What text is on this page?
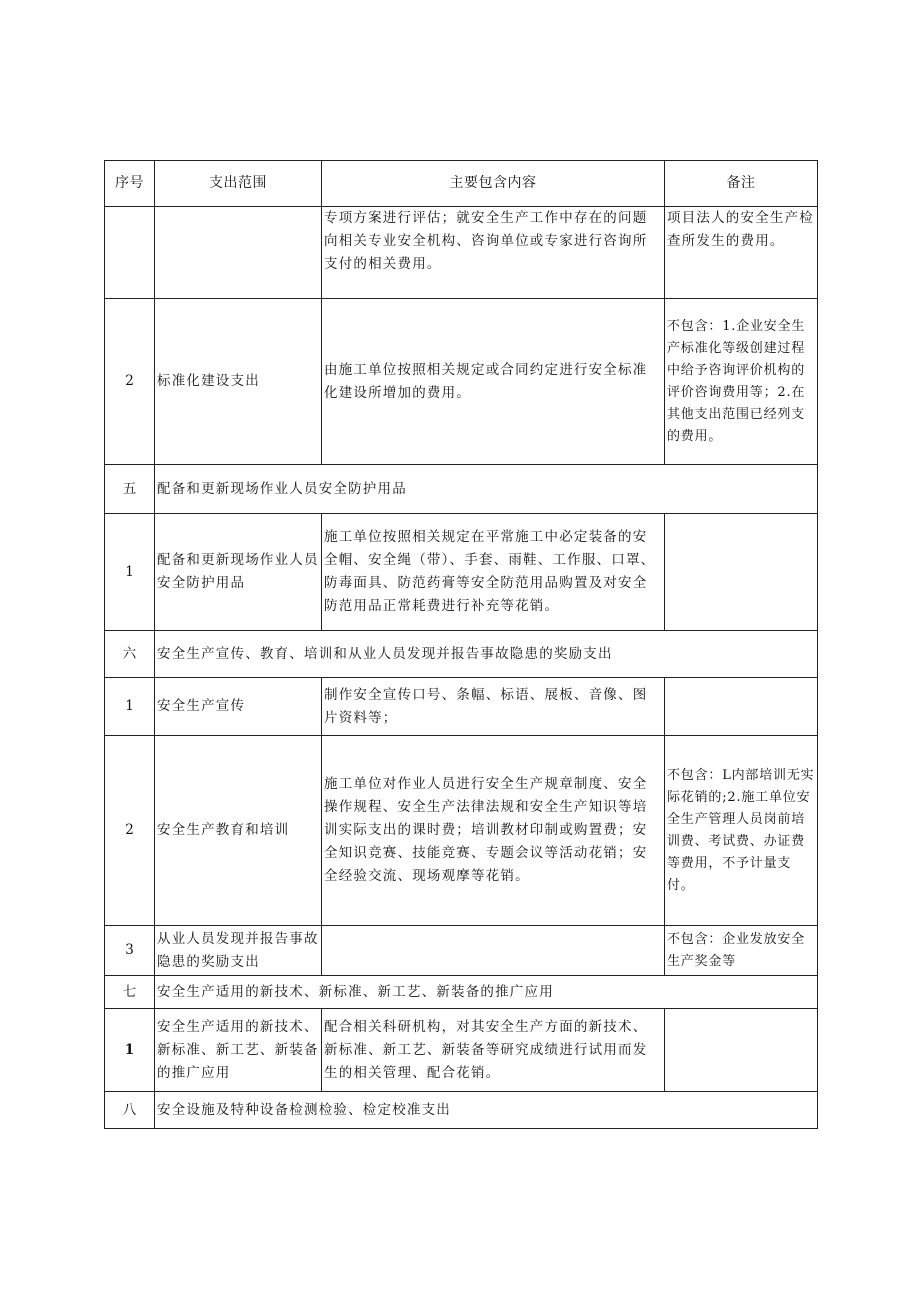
序号	支出范围	主要包含内容	备注
		专项方案进行评估；就安全生产工作中存在的问题向相关专业安全机构、咨询单位或专家进行咨询所支付的相关费用。	项目法人的安全生产检查所发生的费用。
2	标准化建设支出	由施工单位按照相关规定或合同约定进行安全标准化建设所增加的费用。	不包含：1.企业安全生产标准化等级创建过程中给予咨询评价机构的评价咨询费用等；2.在其他支出范围已经列支的费用。
五	配备和更新现场作业人员安全防护用品		
1	配备和更新现场作业人员安全防护用品	施工单位按照相关规定在平常施工中必定装备的安全帽、安全绳（带）、手套、雨鞋、工作服、口罩、防毒面具、防范药膏等安全防范用品购置及对安全防范用品正常耗费进行补充等花销。	
六	安全生产宣传、教育、培训和从业人员发现并报告事故隐患的奖励支出		
1	安全生产宣传	制作安全宣传口号、条幅、标语、展板、音像、图片资料等；	
2	安全生产教育和培训	施工单位对作业人员进行安全生产规章制度、安全操作规程、安全生产法律法规和安全生产知识等培训实际支出的课时费；培训教材印制或购置费；安全知识竞赛、技能竞赛、专题会议等活动花销；安全经验交流、现场观摩等花销。	不包含：L内部培训无实际花销的;2.施工单位安全生产管理人员岗前培训费、考试费、办证费等费用，不予计量支付。
3	从业人员发现并报告事故隐患的奖励支出		不包含：企业发放安全生产奖金等
七	安全生产适用的新技术、新标准、新工艺、新装备的推广应用		
1	安全生产适用的新技术、新标准、新工艺、新装备的推广应用	配合相关科研机构，对其安全生产方面的新技术、新标准、新工艺、新装备等研究成绩进行试用而发生的相关管理、配合花销。	
八	安全设施及特种设备检测检验、检定校准支出		
